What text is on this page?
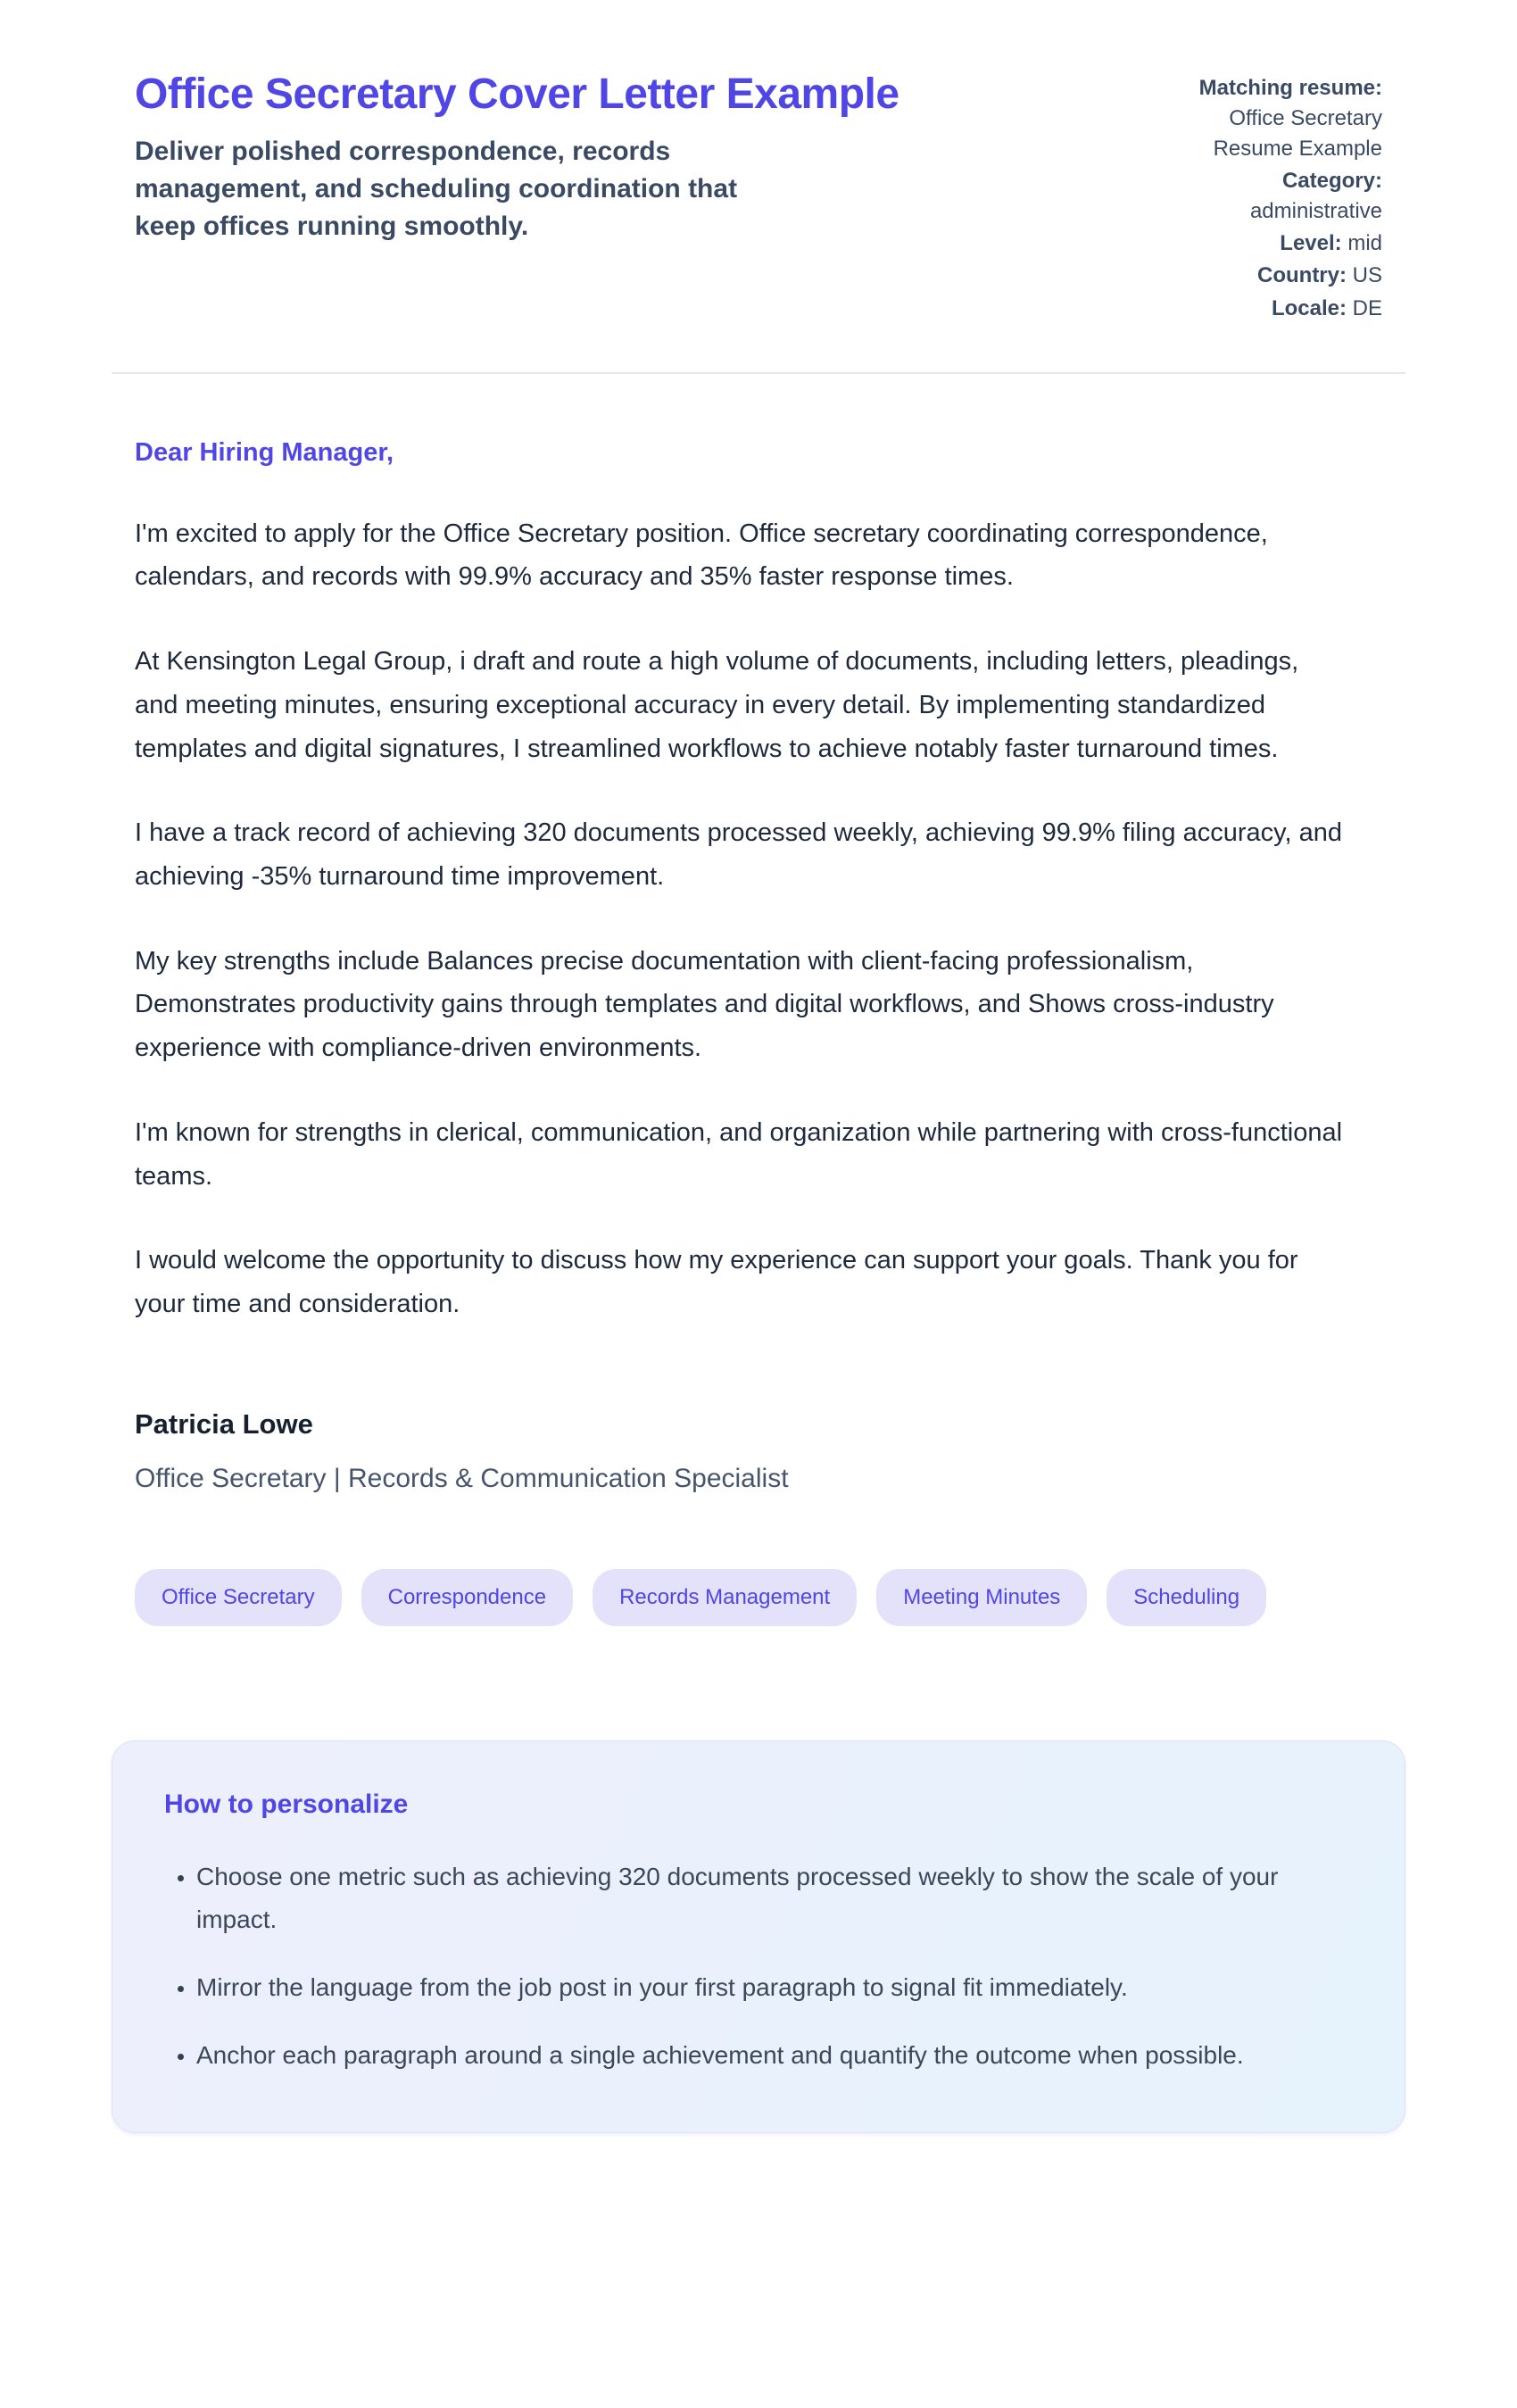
Office Secretary Cover Letter Example
Deliver polished correspondence, records management, and scheduling coordination that keep offices running smoothly.
Matching resume: Office Secretary Resume Example
Category: administrative
Level: mid
Country: US
Locale: DE
Dear Hiring Manager,

I'm excited to apply for the Office Secretary position. Office secretary coordinating correspondence, calendars, and records with 99.9% accuracy and 35% faster response times.

At Kensington Legal Group, i draft and route a high volume of documents, including letters, pleadings, and meeting minutes, ensuring exceptional accuracy in every detail. By implementing standardized templates and digital signatures, I streamlined workflows to achieve notably faster turnaround times.

I have a track record of achieving 320 documents processed weekly, achieving 99.9% filing accuracy, and achieving -35% turnaround time improvement.

My key strengths include Balances precise documentation with client-facing professionalism, Demonstrates productivity gains through templates and digital workflows, and Shows cross-industry experience with compliance-driven environments.

I'm known for strengths in clerical, communication, and organization while partnering with cross-functional teams.

I would welcome the opportunity to discuss how my experience can support your goals. Thank you for your time and consideration.

Patricia Lowe
Office Secretary | Records & Communication Specialist
Office Secretary	Correspondence	Records Management	Meeting Minutes	Scheduling
How to personalize
• Choose one metric such as achieving 320 documents processed weekly to show the scale of your impact.
• Mirror the language from the job post in your first paragraph to signal fit immediately.
• Anchor each paragraph around a single achievement and quantify the outcome when possible.
